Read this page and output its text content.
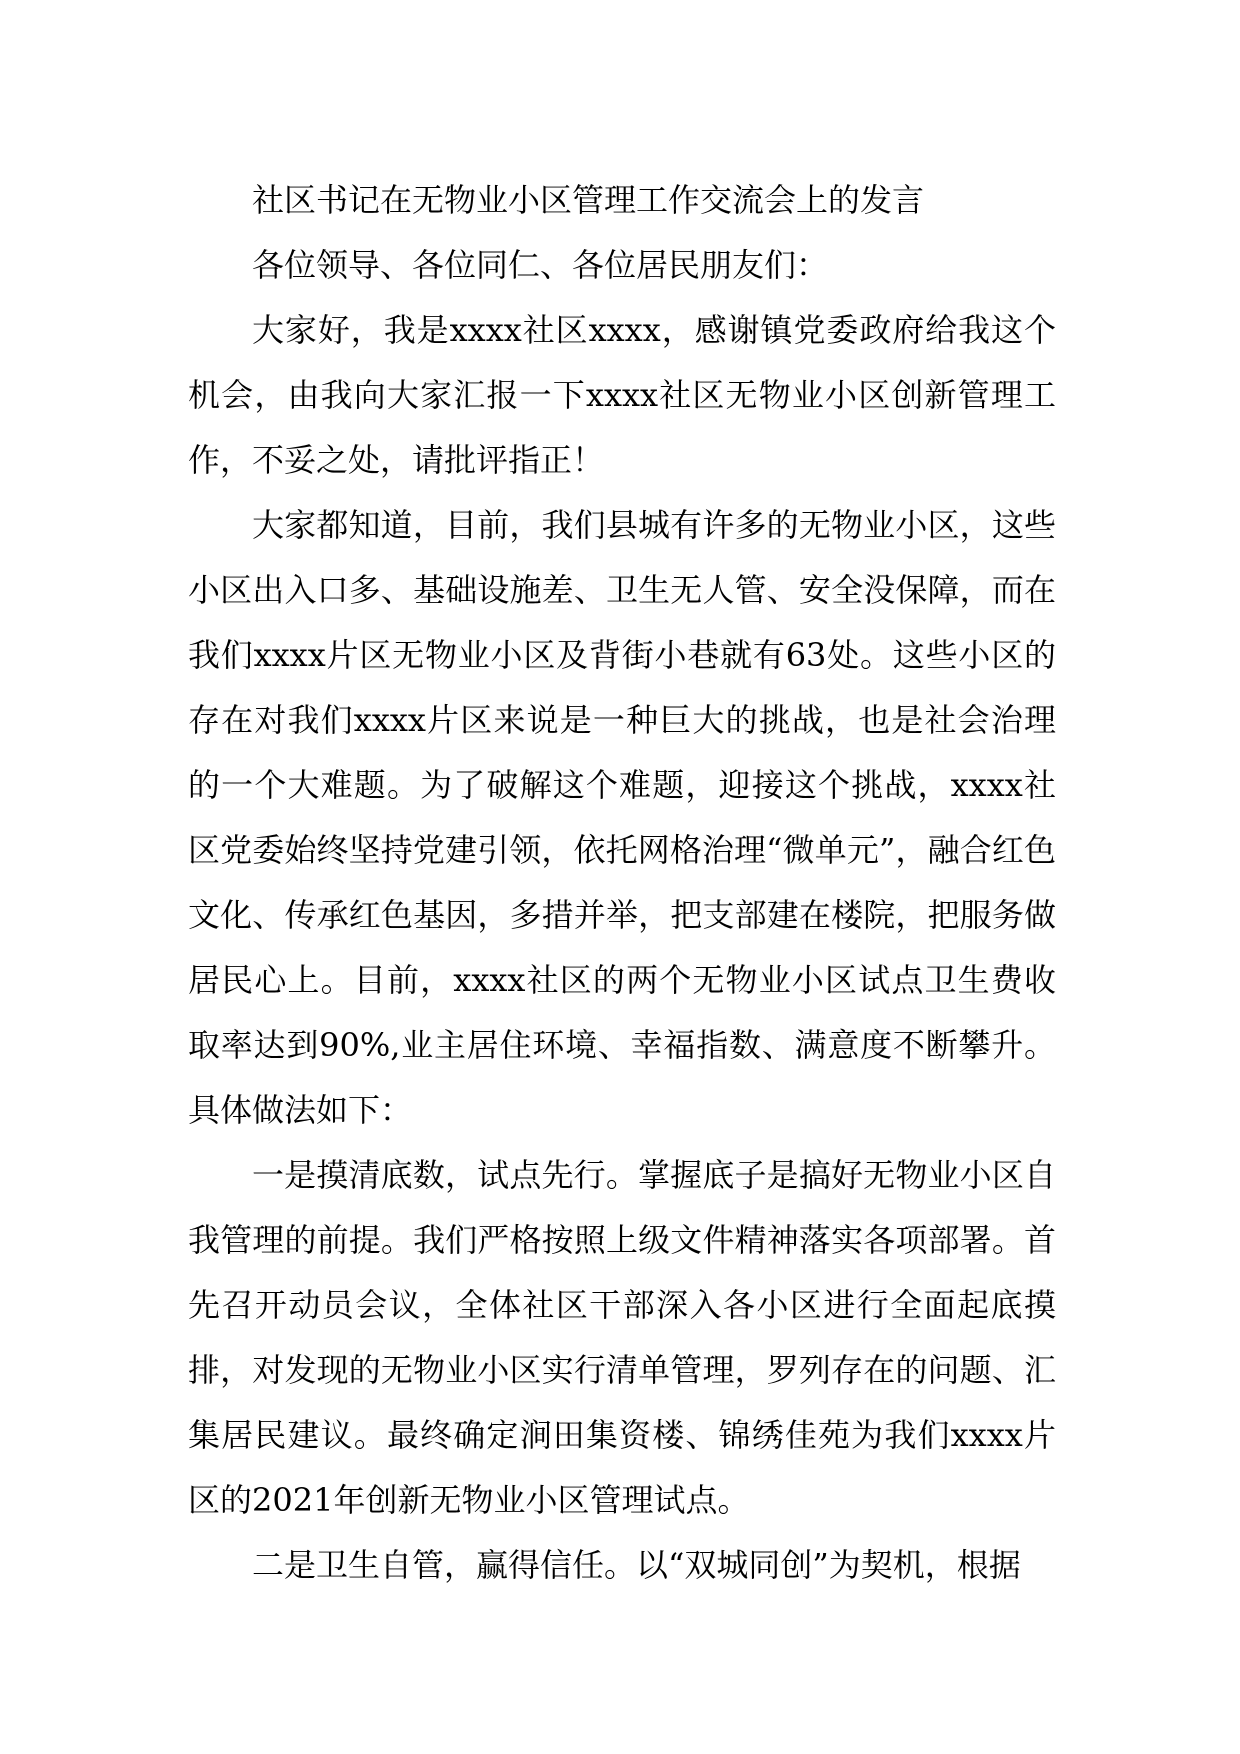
社区书记在无物业小区管理工作交流会上的发言

各位领导、各位同仁、各位居民朋友们：

大家好，我是xxxx社区xxxx，感谢镇党委政府给我这个机会，由我向大家汇报一下xxxx社区无物业小区创新管理工作，不妥之处，请批评指正！

大家都知道，目前，我们县城有许多的无物业小区，这些小区出入口多、基础设施差、卫生无人管、安全没保障，而在我们xxxx片区无物业小区及背街小巷就有63处。这些小区的存在对我们xxxx片区来说是一种巨大的挑战，也是社会治理的一个大难题。为了破解这个难题，迎接这个挑战，xxxx社区党委始终坚持党建引领，依托网格治理“微单元”，融合红色文化、传承红色基因，多措并举，把支部建在楼院，把服务做居民心上。目前，xxxx社区的两个无物业小区试点卫生费收取率达到90%,业主居住环境、幸福指数、满意度不断攀升。具体做法如下：

一是摸清底数，试点先行。掌握底子是搞好无物业小区自我管理的前提。我们严格按照上级文件精神落实各项部署。首先召开动员会议，全体社区干部深入各小区进行全面起底摸排，对发现的无物业小区实行清单管理，罗列存在的问题、汇集居民建议。最终确定涧田集资楼、锦绣佳苑为我们xxxx片区的2021年创新无物业小区管理试点。

二是卫生自管，赢得信任。以“双城同创”为契机，根据
